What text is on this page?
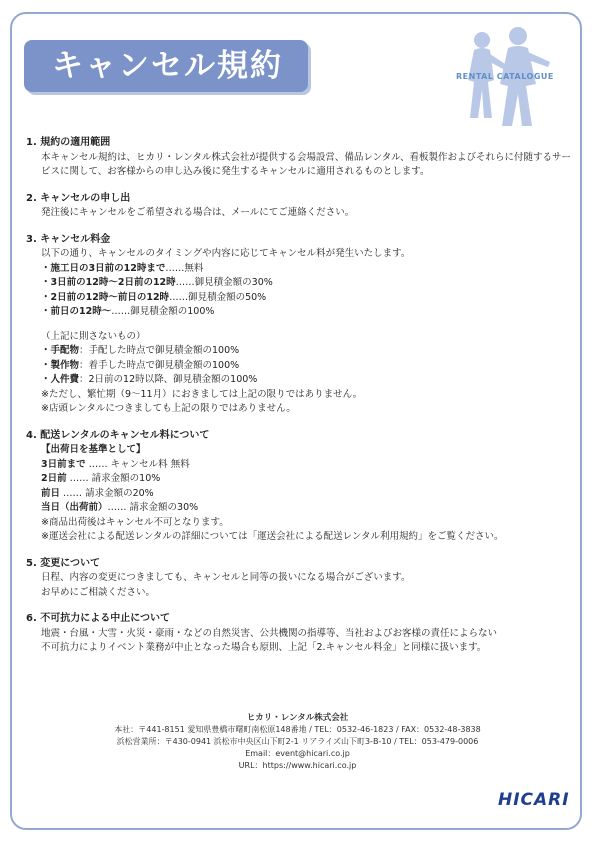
キャンセル規約	RENTAL CATALOGUE
1. 規約の適用範囲
本キャンセル規約は、ヒカリ・レンタル株式会社が提供する会場設営、備品レンタル、看板製作およびそれらに付随するサービスに関して、お客様からの申し込み後に発生するキャンセルに適用されるものとします。
2. キャンセルの申し出
発注後にキャンセルをご希望される場合は、メールにてご連絡ください。
3. キャンセル料金
以下の通り、キャンセルのタイミングや内容に応じてキャンセル料が発生いたします。
・施工日の3日前の12時まで……無料
・3日前の12時～2日前の12時……御見積金額の30%
・2日前の12時～前日の12時……御見積金額の50%
・前日の12時～……御見積金額の100%
（上記に則さないもの）
・手配物：手配した時点で御見積金額の100%
・製作物：着手した時点で御見積金額の100%
・人件費：2日前の12時以降、御見積金額の100%
※ただし、繁忙期（9～11月）におきましては上記の限りではありません。
※店頭レンタルにつきましても上記の限りではありません。
4. 配送レンタルのキャンセル料について
【出荷日を基準として】
3日前まで …… キャンセル料 無料
2日前 …… 請求金額の10%
前日 …… 請求金額の20%
当日（出荷前）…… 請求金額の30%
※商品出荷後はキャンセル不可となります。
※運送会社による配送レンタルの詳細については「運送会社による配送レンタル利用規約」をご覧ください。
5. 変更について
日程、内容の変更につきましても、キャンセルと同等の扱いになる場合がございます。
お早めにご相談ください。
6. 不可抗力による中止について
地震・台風・大雪・火災・豪雨・などの自然災害、公共機関の指導等、当社およびお客様の責任によらない
不可抗力によりイベント業務が中止となった場合も原則、上記「2.キャンセル料金」と同様に扱います。
ヒカリ・レンタル株式会社
本社：〒441-8151 愛知県豊橋市曙町南松原148番地 / TEL：0532-46-1823 / FAX：0532-48-3838
浜松営業所：〒430-0941 浜松市中央区山下町2-1 リアライズ山下町3-B-10 / TEL：053-479-0006
Email：event@hicari.co.jp
URL：https://www.hicari.co.jp
HICARI
